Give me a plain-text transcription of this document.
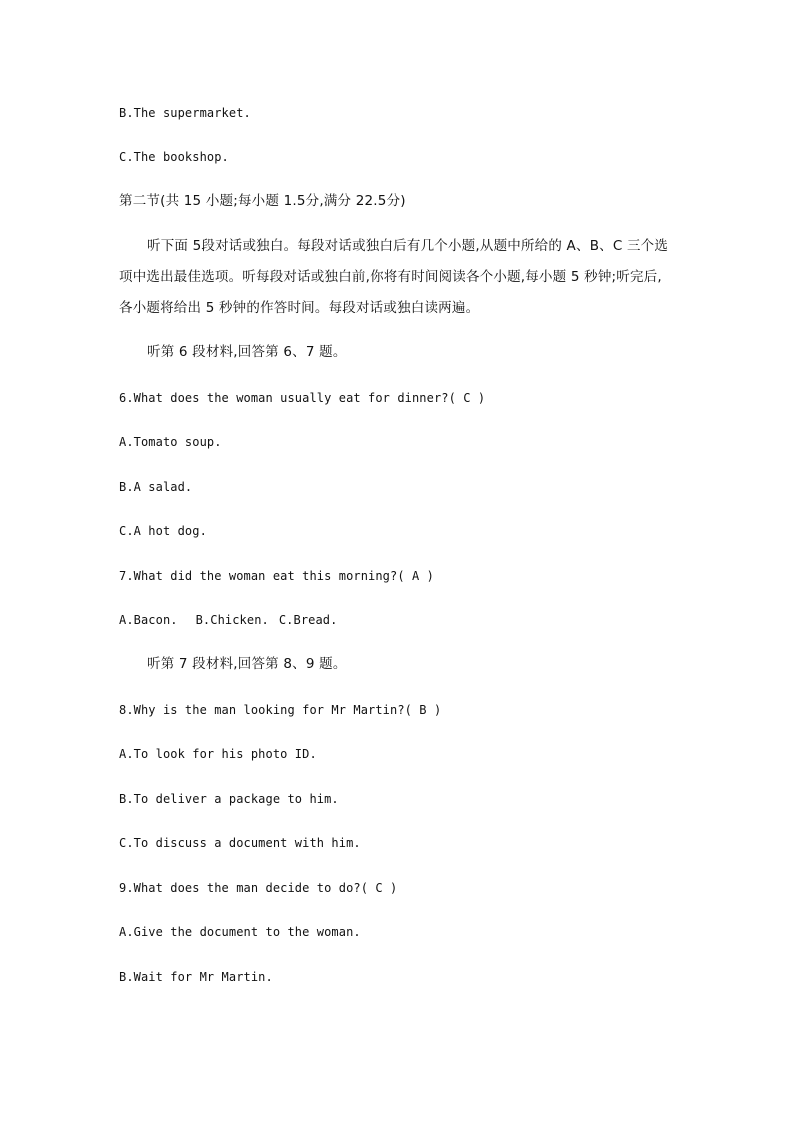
B.The supermarket.
C.The bookshop.
第二节(共 15 小题;每小题 1.5分,满分 22.5分)
听下面 5段对话或独白。每段对话或独白后有几个小题,从题中所给的 A、B、C 三个选
项中选出最佳选项。听每段对话或独白前,你将有时间阅读各个小题,每小题 5 秒钟;听完后,
各小题将给出 5 秒钟的作答时间。每段对话或独白读两遍。
听第 6 段材料,回答第 6、7 题。
6.What does the woman usually eat for dinner?( C )
A.Tomato soup.
B.A salad.
C.A hot dog.
7.What did the woman eat this morning?( A )
A.Bacon. B.Chicken. C.Bread.
听第 7 段材料,回答第 8、9 题。
8.Why is the man looking for Mr Martin?( B )
A.To look for his photo ID.
B.To deliver a package to him.
C.To discuss a document with him.
9.What does the man decide to do?( C )
A.Give the document to the woman.
B.Wait for Mr Martin.
